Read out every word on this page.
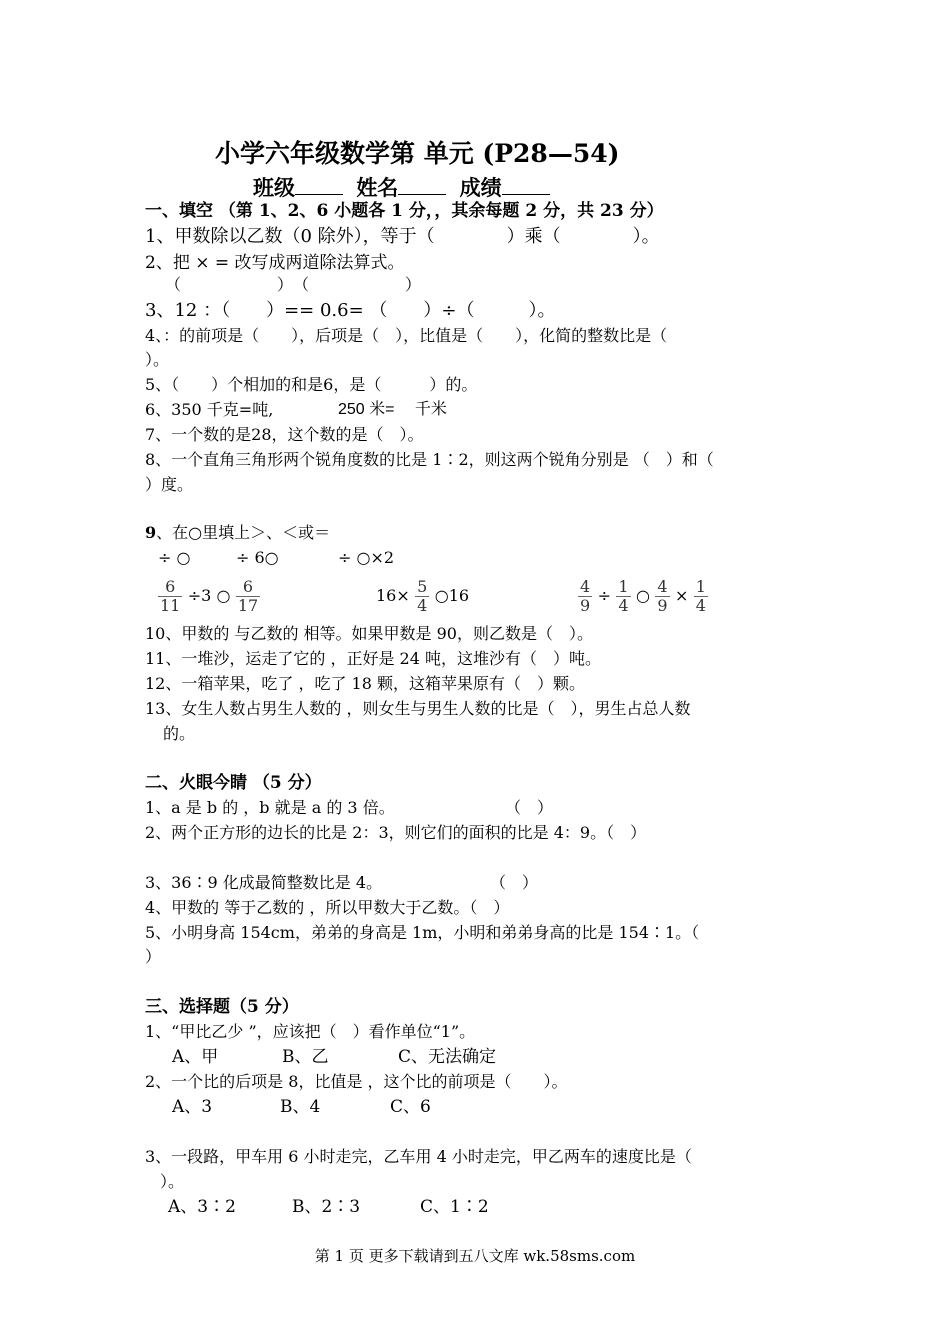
小学六年级数学第 单元 (P28—54)
班级	姓名	成绩
一、填空 （第 1、2、6 小题各 1 分，，其余每题 2 分，共 23 分）
1、甲数除以乙数（0 除外），等于（　　　　）乘（　　　　）。
2、把 × = 改写成两道除法算式。
（　　　　　　）　（　　　　　　）
3、12 ：（　　）== 0.6= （　　）÷（　　　）。
4、：的前项是（　　），后项是（　），比值是（　　），化简的整数比是（
）。
5、（　　）个相加的和是6，是（　　　）的。
6、350 千克=吨,	250 米=　 千米
7、一个数的是28，这个数的是（　）。
8、一个直角三角形两个锐角度数的比是 1∶2，则这两个锐角分别是 （　）和（
）度。
9、在○里填上＞、＜或＝
÷ ○	÷ 6○	÷ ○×2
$\frac{6}{11} \div 3$ ○ $\frac{6}{17}$	$16\times \frac{5}{4}$ ○16	$\frac{4}{9} \div \frac{1}{4}$ ○ $\frac{4}{9} \times \frac{1}{4}$
10、甲数的 与乙数的 相等。如果甲数是 90，则乙数是（　）。
11、一堆沙，运走了它的 ，正好是 24 吨，这堆沙有（　）吨。
12、一箱苹果，吃了 ，吃了 18 颗，这箱苹果原有（　）颗。
13、女生人数占男生人数的 ，则女生与男生人数的比是（　），男生占总人数
的。
二、火眼今睛 （5 分）
1、a 是 b 的 ，b 就是 a 的 3 倍。	（　）
2、两个正方形的边长的比是 2：3，则它们的面积的比是 4：9。（　）
3、36∶9 化成最简整数比是 4。	（　）
4、甲数的 等于乙数的 ，所以甲数大于乙数。（　）
5、小明身高 154cm，弟弟的身高是 1m，小明和弟弟身高的比是 154∶1。（
）
三、选择题（5 分）
1、“甲比乙少 ”，应该把（　）看作单位“1”。
A、甲	B、乙	C、无法确定
2、一个比的后项是 8，比值是 ，这个比的前项是（　　）。
A、3	B、4	C、6
3、一段路，甲车用 6 小时走完，乙车用 4 小时走完，甲乙两车的速度比是（
）。
A、3∶2	B、2∶3	C、1∶2
第 1 页 更多下载请到五八文库 wk.58sms.com
